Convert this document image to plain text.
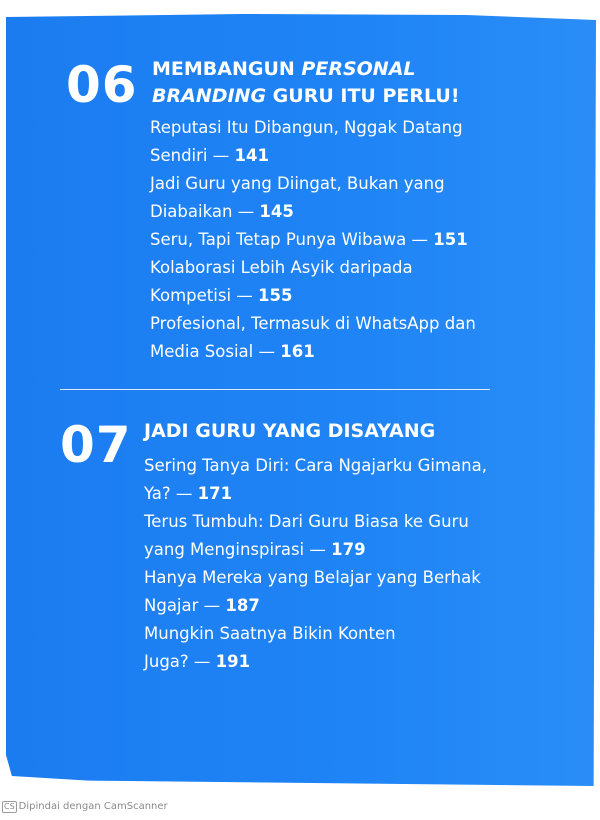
06 MEMBANGUN PERSONAL
BRANDING GURU ITU PERLU!
Reputasi Itu Dibangun, Nggak Datang
Sendiri — 141
Jadi Guru yang Diingat, Bukan yang
Diabaikan — 145
Seru, Tapi Tetap Punya Wibawa — 151
Kolaborasi Lebih Asyik daripada
Kompetisi — 155
Profesional, Termasuk di WhatsApp dan
Media Sosial — 161
07 JADI GURU YANG DISAYANG
Sering Tanya Diri: Cara Ngajarku Gimana,
Ya? — 171
Terus Tumbuh: Dari Guru Biasa ke Guru
yang Menginspirasi — 179
Hanya Mereka yang Belajar yang Berhak
Ngajar — 187
Mungkin Saatnya Bikin Konten
Juga? — 191
CS Dipindai dengan CamScanner
